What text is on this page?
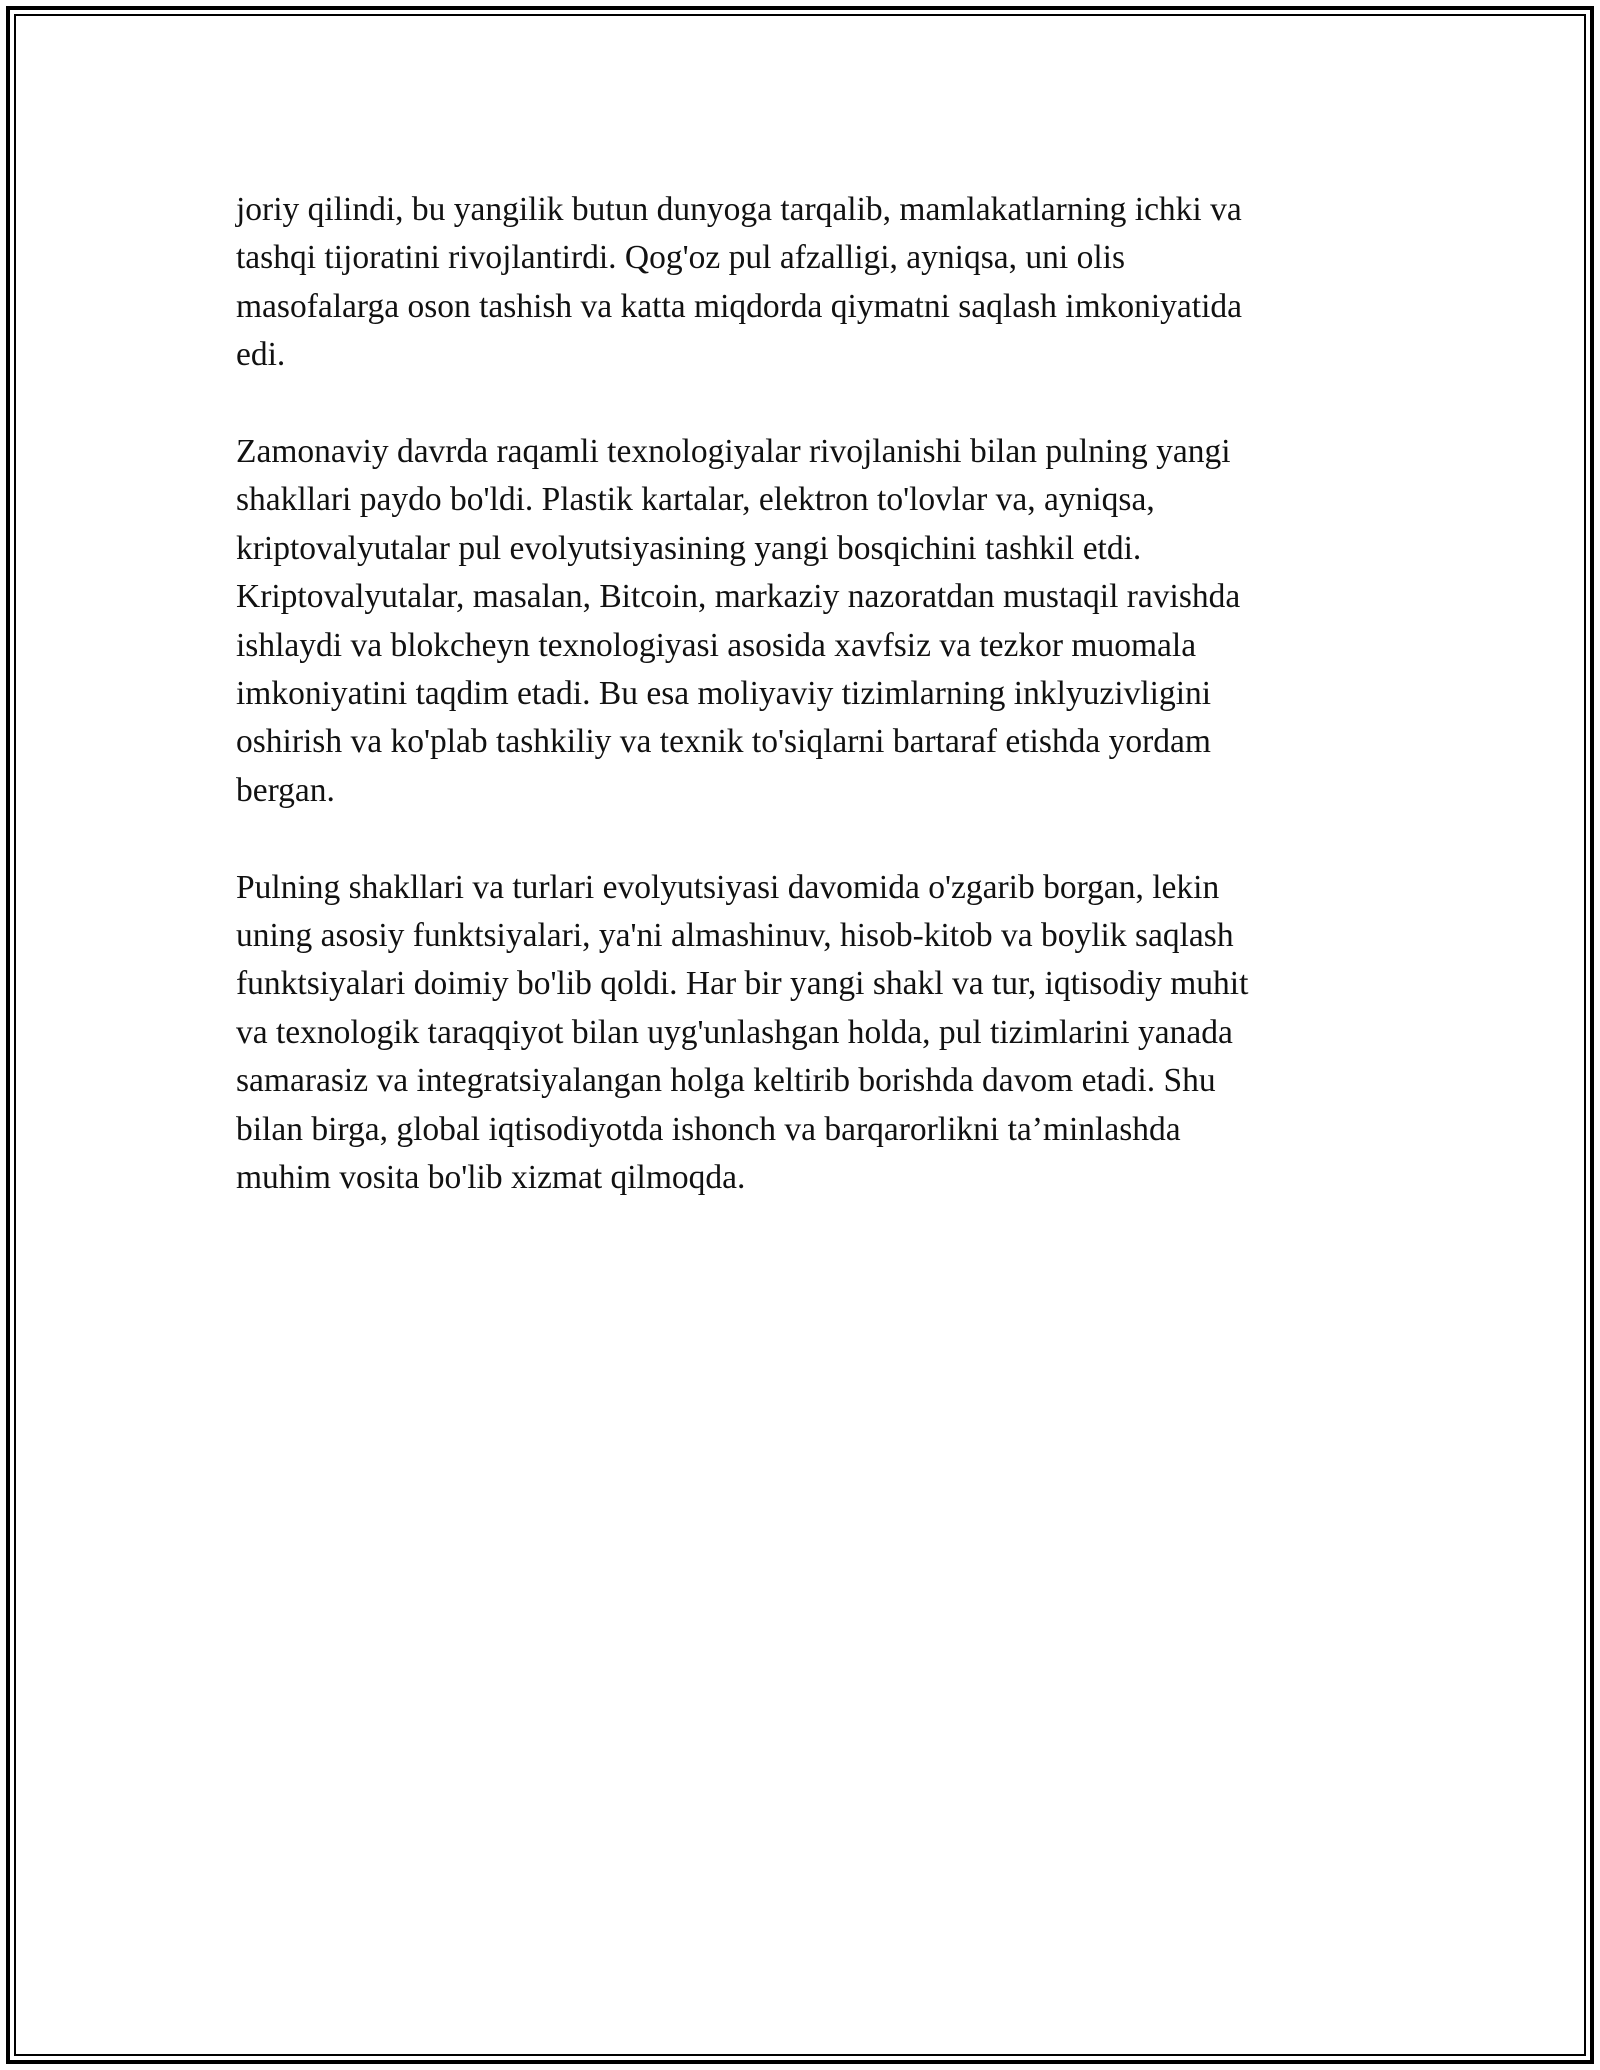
joriy qilindi, bu yangilik butun dunyoga tarqalib, mamlakatlarning ichki va
tashqi tijoratini rivojlantirdi. Qog'oz pul afzalligi, ayniqsa, uni olis
masofalarga oson tashish va katta miqdorda qiymatni saqlash imkoniyatida
edi.

Zamonaviy davrda raqamli texnologiyalar rivojlanishi bilan pulning yangi
shakllari paydo bo'ldi. Plastik kartalar, elektron to'lovlar va, ayniqsa,
kriptovalyutalar pul evolyutsiyasining yangi bosqichini tashkil etdi.
Kriptovalyutalar, masalan, Bitcoin, markaziy nazoratdan mustaqil ravishda
ishlaydi va blokcheyn texnologiyasi asosida xavfsiz va tezkor muomala
imkoniyatini taqdim etadi. Bu esa moliyaviy tizimlarning inklyuzivligini
oshirish va ko'plab tashkiliy va texnik to'siqlarni bartaraf etishda yordam
bergan.

Pulning shakllari va turlari evolyutsiyasi davomida o'zgarib borgan, lekin
uning asosiy funktsiyalari, ya'ni almashinuv, hisob-kitob va boylik saqlash
funktsiyalari doimiy bo'lib qoldi. Har bir yangi shakl va tur, iqtisodiy muhit
va texnologik taraqqiyot bilan uyg'unlashgan holda, pul tizimlarini yanada
samarasiz va integratsiyalangan holga keltirib borishda davom etadi. Shu
bilan birga, global iqtisodiyotda ishonch va barqarorlikni ta’minlashda
muhim vosita bo'lib xizmat qilmoqda.
